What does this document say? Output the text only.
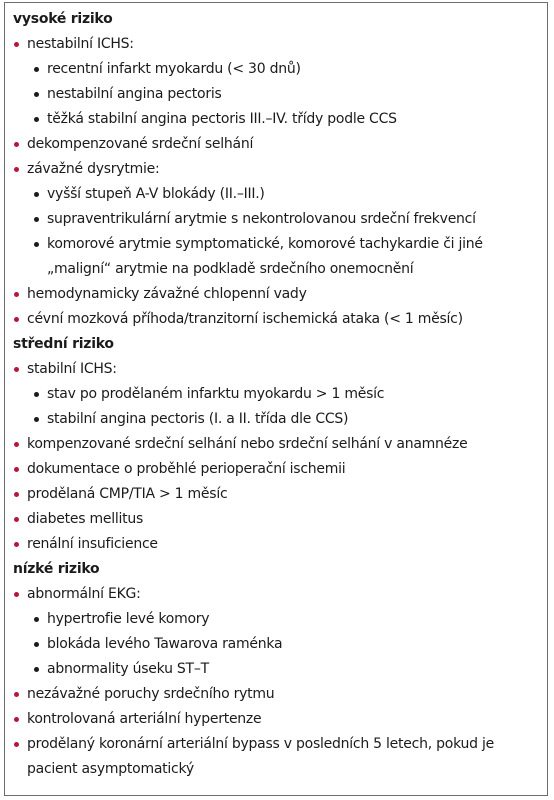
vysoké riziko
nestabilní ICHS:
recentní infarkt myokardu (< 30 dnů)
nestabilní angina pectoris
těžká stabilní angina pectoris III.–IV. třídy podle CCS
dekompenzované srdeční selhání
závažné dysrytmie:
vyšší stupeň A-V blokády (II.–III.)
supraventrikulární arytmie s nekontrolovanou srdeční frekvencí
komorové arytmie symptomatické, komorové tachykardie či jiné „maligní“ arytmie na podkladě srdečního onemocnění
hemodynamicky závažné chlopenní vady
cévní mozková příhoda/tranzitorní ischemická ataka (< 1 měsíc)
střední riziko
stabilní ICHS:
stav po prodělaném infarktu myokardu > 1 měsíc
stabilní angina pectoris (I. a II. třída dle CCS)
kompenzované srdeční selhání nebo srdeční selhání v anamnéze
dokumentace o proběhlé perioperační ischemii
prodělaná CMP/TIA > 1 měsíc
diabetes mellitus
renální insuficience
nízké riziko
abnormální EKG:
hypertrofie levé komory
blokáda levého Tawarova raménka
abnormality úseku ST–T
nezávažné poruchy srdečního rytmu
kontrolovaná arteriální hypertenze
prodělaný koronární arteriální bypass v posledních 5 letech, pokud je pacient asymptomatický
